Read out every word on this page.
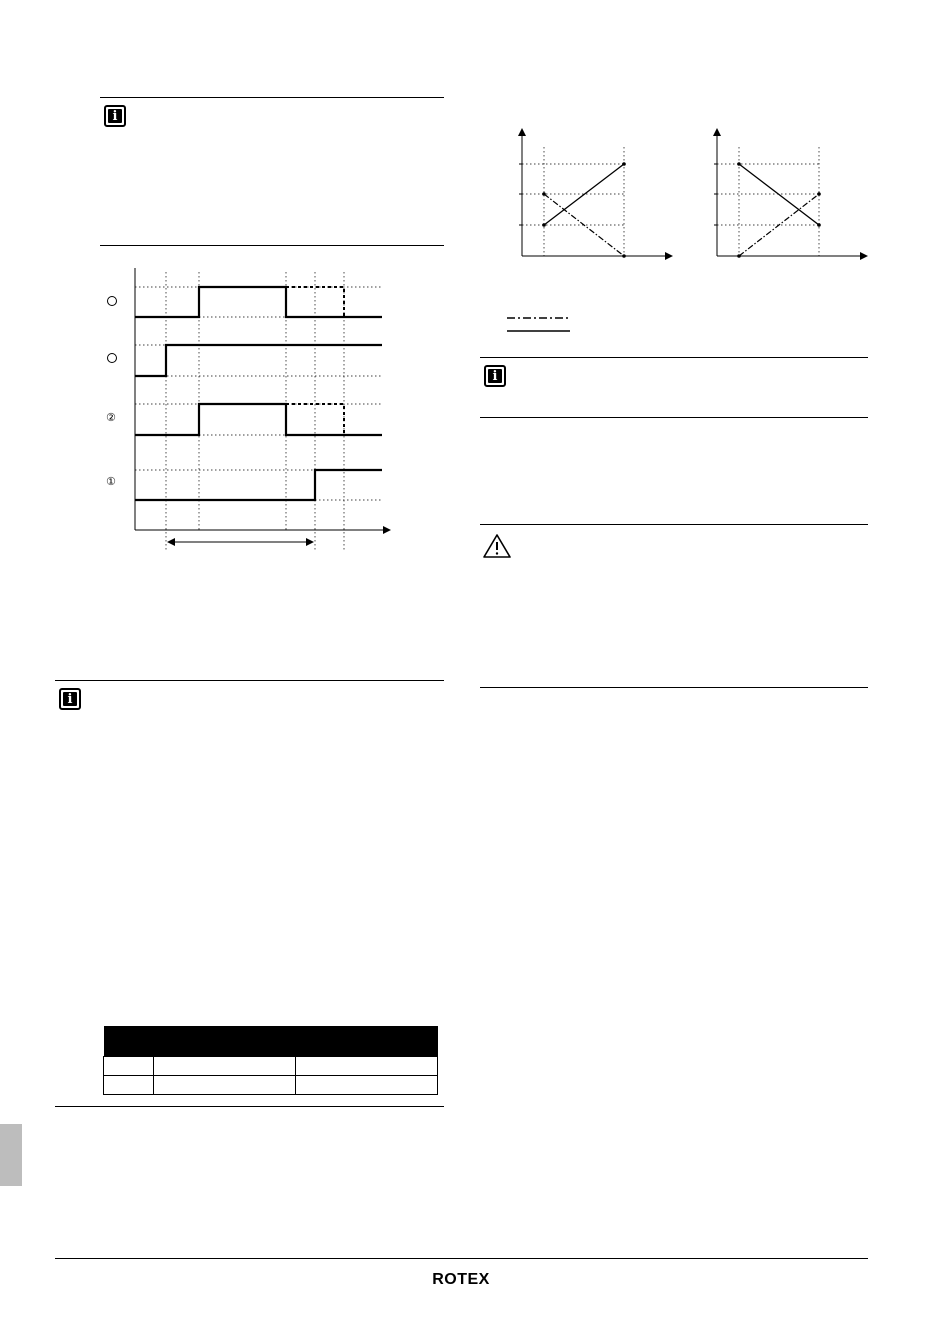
i
②
①
i

i
ROTEX
